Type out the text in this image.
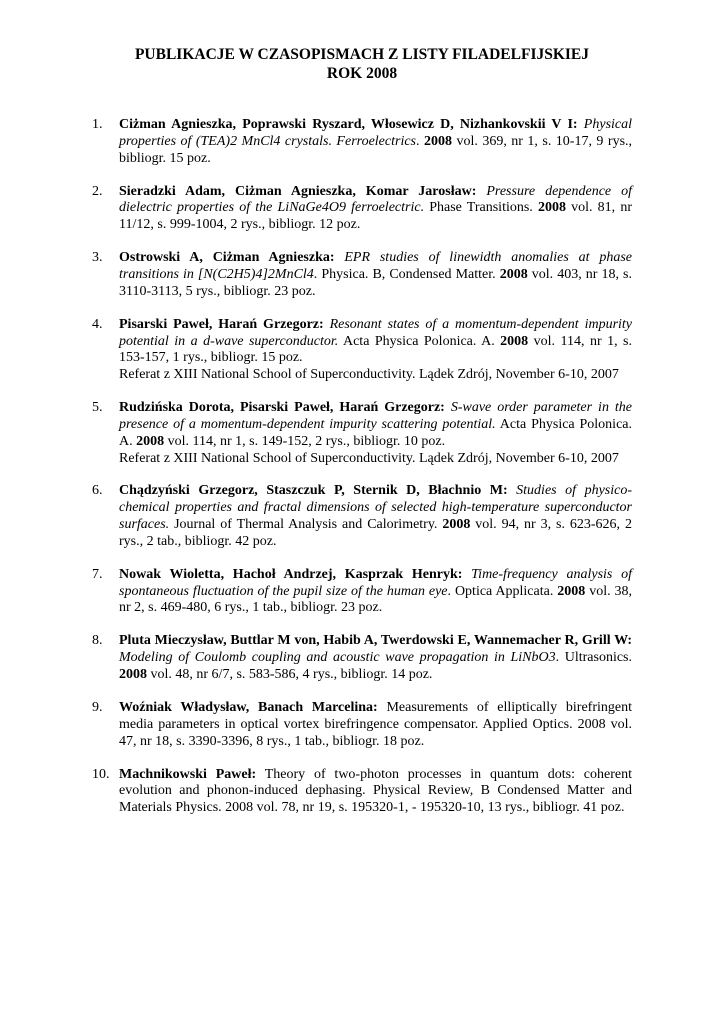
PUBLIKACJE W CZASOPISMACH Z LISTY FILADELFIJSKIEJ
ROK 2008
1. Ciżman Agnieszka, Poprawski Ryszard, Włosewicz D, Nizhankovskii V I: Physical properties of (TEA)2 MnCl4 crystals. Ferroelectrics. 2008 vol. 369, nr 1, s. 10-17, 9 rys., bibliogr. 15 poz.
2. Sieradzki Adam, Ciżman Agnieszka, Komar Jarosław: Pressure dependence of dielectric properties of the LiNaGe4O9 ferroelectric. Phase Transitions. 2008 vol. 81, nr 11/12, s. 999-1004, 2 rys., bibliogr. 12 poz.
3. Ostrowski A, Ciżman Agnieszka: EPR studies of linewidth anomalies at phase transitions in [N(C2H5)4]2MnCl4. Physica. B, Condensed Matter. 2008 vol. 403, nr 18, s. 3110-3113, 5 rys., bibliogr. 23 poz.
4. Pisarski Paweł, Harań Grzegorz: Resonant states of a momentum-dependent impurity potential in a d-wave superconductor. Acta Physica Polonica. A. 2008 vol. 114, nr 1, s. 153-157, 1 rys., bibliogr. 15 poz.
Referat z XIII National School of Superconductivity. Lądek Zdrój, November 6-10, 2007
5. Rudzińska Dorota, Pisarski Paweł, Harań Grzegorz: S-wave order parameter in the presence of a momentum-dependent impurity scattering potential. Acta Physica Polonica. A. 2008 vol. 114, nr 1, s. 149-152, 2 rys., bibliogr. 10 poz.
Referat z XIII National School of Superconductivity. Lądek Zdrój, November 6-10, 2007
6. Chądzyński Grzegorz, Staszczuk P, Sternik D, Błachnio M: Studies of physico-chemical properties and fractal dimensions of selected high-temperature superconductor surfaces. Journal of Thermal Analysis and Calorimetry. 2008 vol. 94, nr 3, s. 623-626, 2 rys., 2 tab., bibliogr. 42 poz.
7. Nowak Wioletta, Hachoł Andrzej, Kasprzak Henryk: Time-frequency analysis of spontaneous fluctuation of the pupil size of the human eye. Optica Applicata. 2008 vol. 38, nr 2, s. 469-480, 6 rys., 1 tab., bibliogr. 23 poz.
8. Pluta Mieczysław, Buttlar M von, Habib A, Twerdowski E, Wannemacher R, Grill W: Modeling of Coulomb coupling and acoustic wave propagation in LiNbO3. Ultrasonics. 2008 vol. 48, nr 6/7, s. 583-586, 4 rys., bibliogr. 14 poz.
9. Woźniak Władysław, Banach Marcelina: Measurements of elliptically birefringent media parameters in optical vortex birefringence compensator. Applied Optics. 2008 vol. 47, nr 18, s. 3390-3396, 8 rys., 1 tab., bibliogr. 18 poz.
10. Machnikowski Paweł: Theory of two-photon processes in quantum dots: coherent evolution and phonon-induced dephasing. Physical Review, B Condensed Matter and Materials Physics. 2008 vol. 78, nr 19, s. 195320-1, - 195320-10, 13 rys., bibliogr. 41 poz.
